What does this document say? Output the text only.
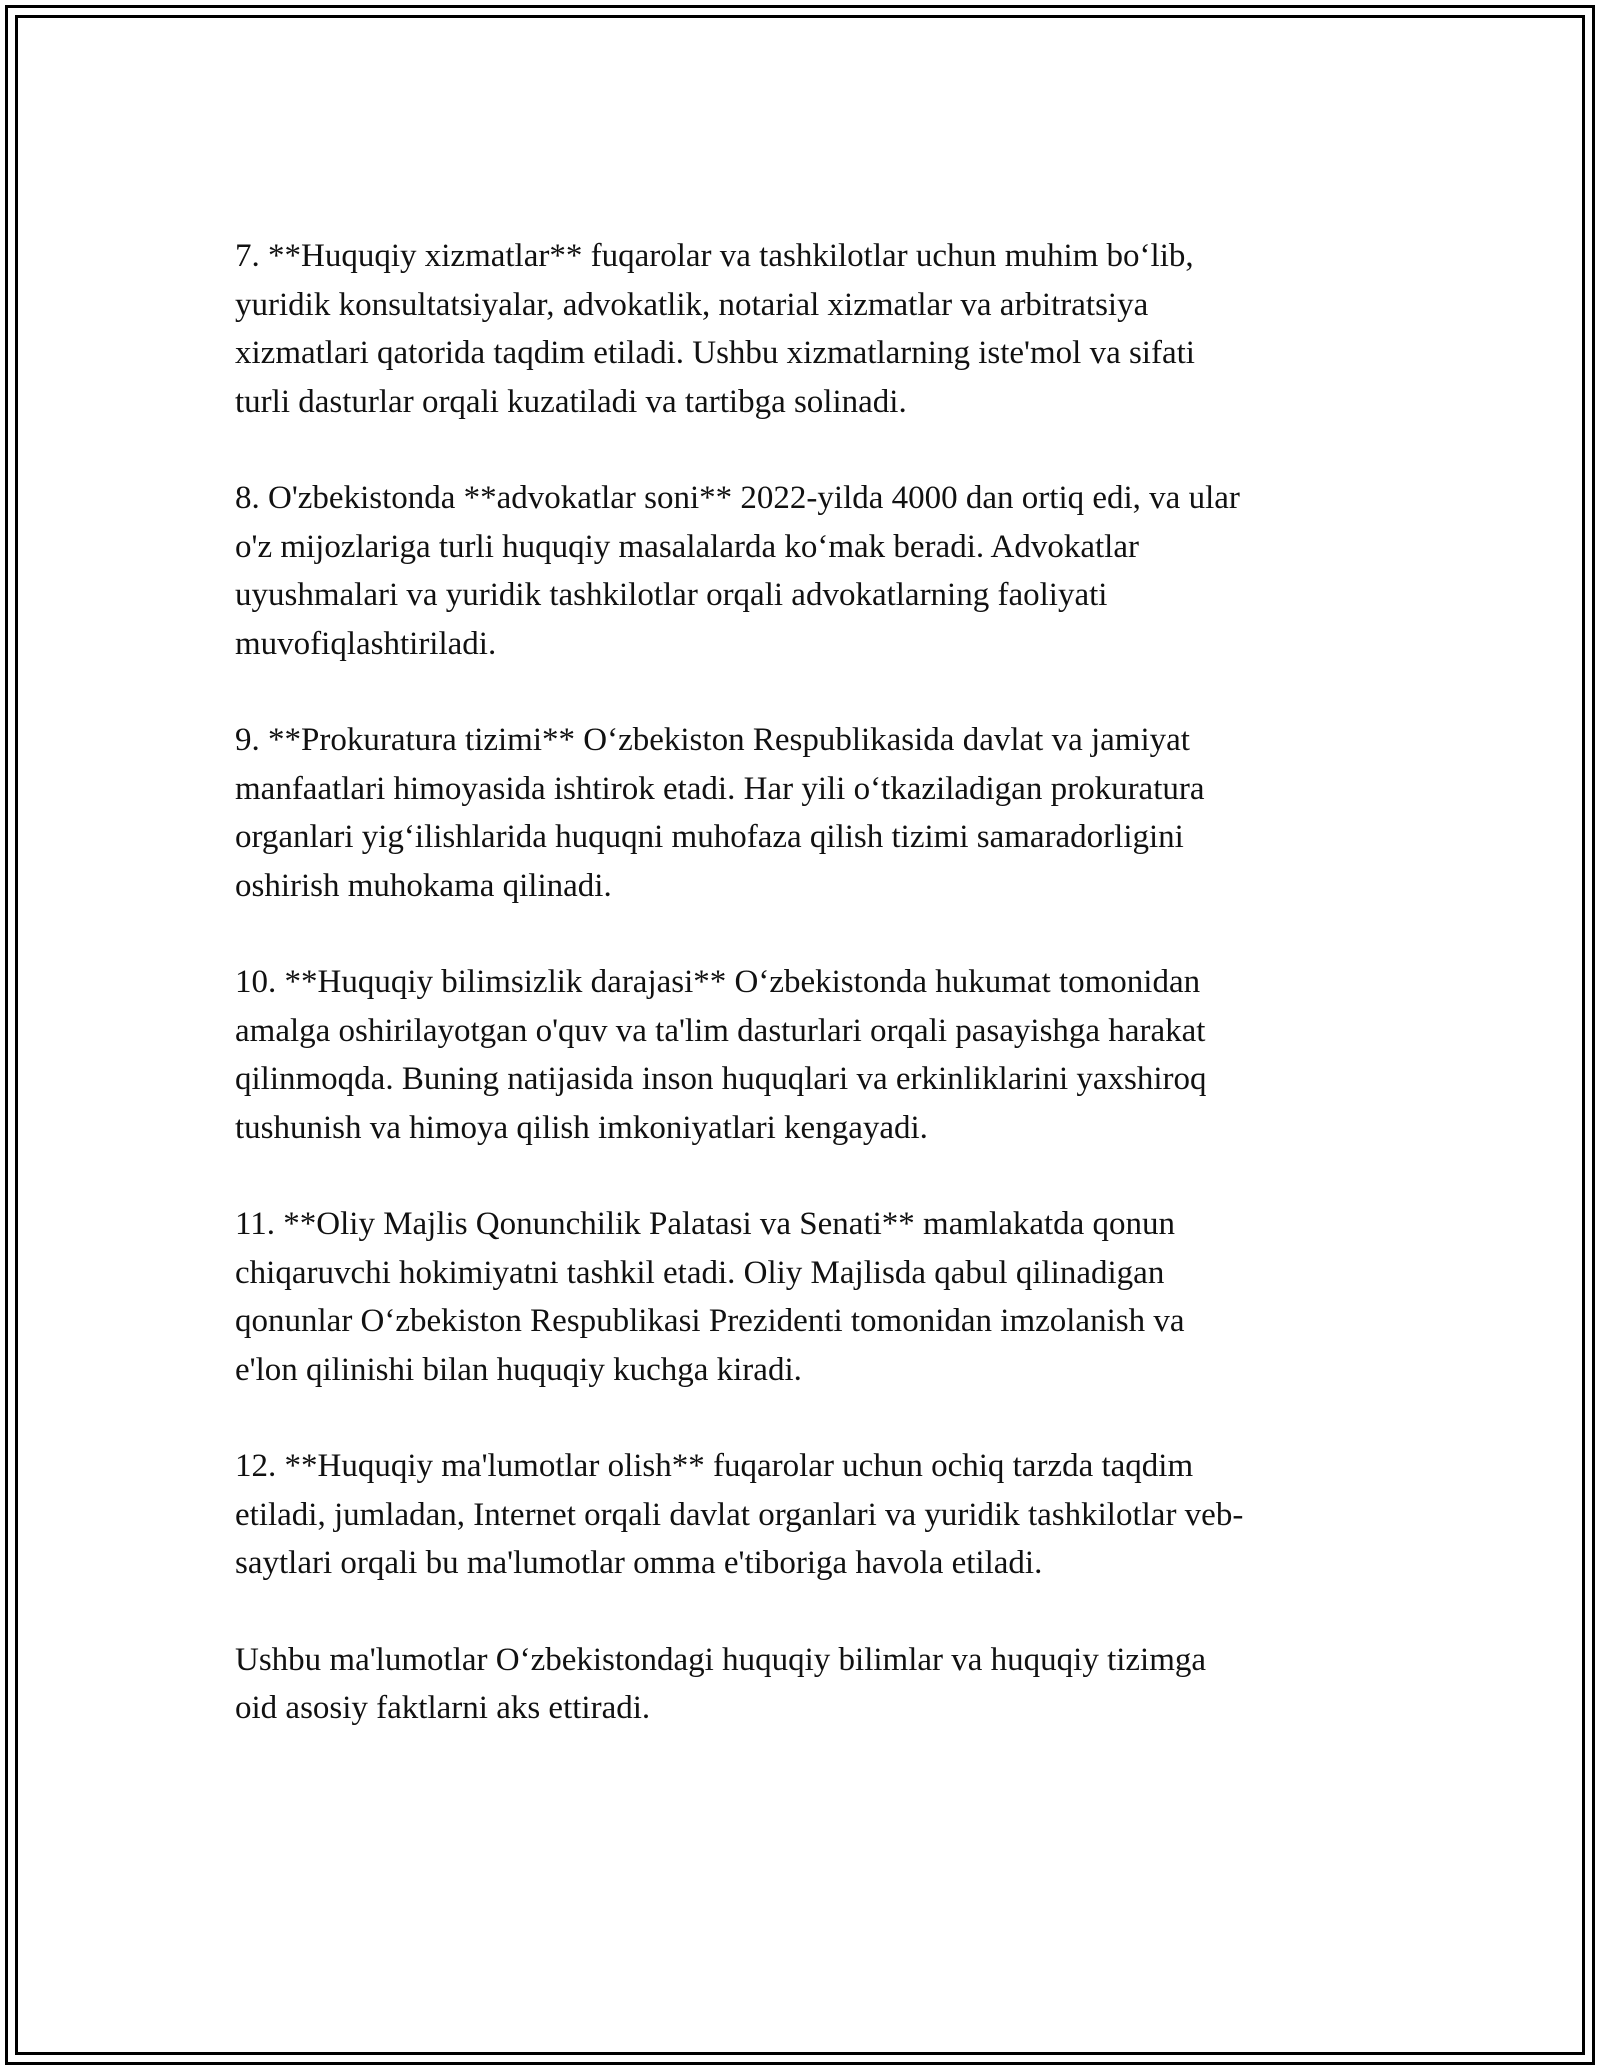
7. **Huquqiy xizmatlar** fuqarolar va tashkilotlar uchun muhim bo‘lib,
yuridik konsultatsiyalar, advokatlik, notarial xizmatlar va arbitratsiya
xizmatlari qatorida taqdim etiladi. Ushbu xizmatlarning iste'mol va sifati
turli dasturlar orqali kuzatiladi va tartibga solinadi.

8. O'zbekistonda **advokatlar soni** 2022-yilda 4000 dan ortiq edi, va ular
o'z mijozlariga turli huquqiy masalalarda ko‘mak beradi. Advokatlar
uyushmalari va yuridik tashkilotlar orqali advokatlarning faoliyati
muvofiqlashtiriladi.

9. **Prokuratura tizimi** O‘zbekiston Respublikasida davlat va jamiyat
manfaatlari himoyasida ishtirok etadi. Har yili o‘tkaziladigan prokuratura
organlari yig‘ilishlarida huquqni muhofaza qilish tizimi samaradorligini
oshirish muhokama qilinadi.

10. **Huquqiy bilimsizlik darajasi** O‘zbekistonda hukumat tomonidan
amalga oshirilayotgan o'quv va ta'lim dasturlari orqali pasayishga harakat
qilinmoqda. Buning natijasida inson huquqlari va erkinliklarini yaxshiroq
tushunish va himoya qilish imkoniyatlari kengayadi.

11. **Oliy Majlis Qonunchilik Palatasi va Senati** mamlakatda qonun
chiqaruvchi hokimiyatni tashkil etadi. Oliy Majlisda qabul qilinadigan
qonunlar O‘zbekiston Respublikasi Prezidenti tomonidan imzolanish va
e'lon qilinishi bilan huquqiy kuchga kiradi.

12. **Huquqiy ma'lumotlar olish** fuqarolar uchun ochiq tarzda taqdim
etiladi, jumladan, Internet orqali davlat organlari va yuridik tashkilotlar veb-
saytlari orqali bu ma'lumotlar omma e'tiboriga havola etiladi.

Ushbu ma'lumotlar O‘zbekistondagi huquqiy bilimlar va huquqiy tizimga
oid asosiy faktlarni aks ettiradi.
